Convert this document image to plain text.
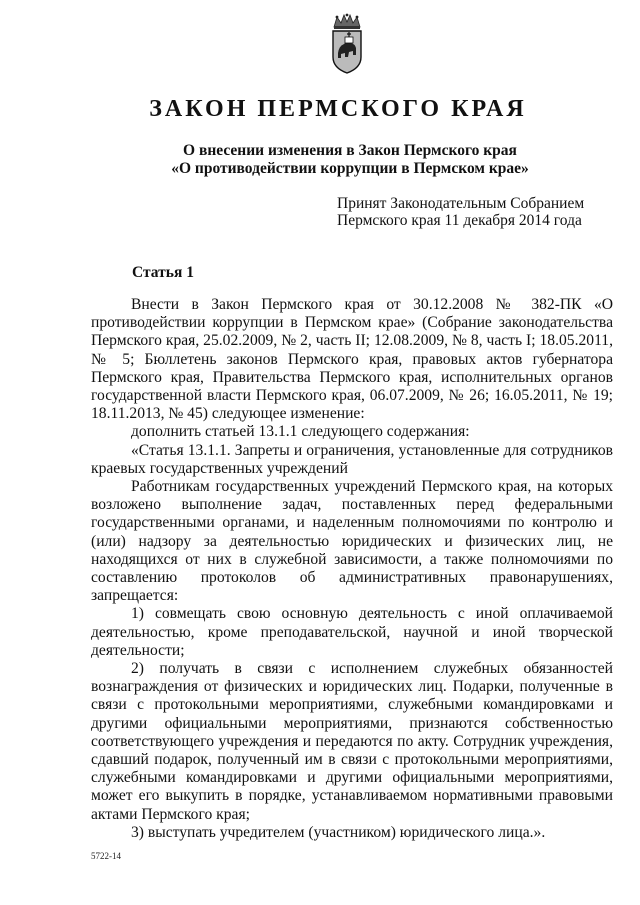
ЗАКОН ПЕРМСКОГО КРАЯ
О внесении изменения в Закон Пермского края
«О противодействии коррупции в Пермском крае»
Принят Законодательным Собранием
Пермского края 11 декабря 2014 года
Статья 1

Внести в Закон Пермского края от 30.12.2008 № 382-ПК «О противодействии коррупции в Пермском крае» (Собрание законодательства Пермского края, 25.02.2009, № 2, часть II; 12.08.2009, № 8, часть I; 18.05.2011, № 5; Бюллетень законов Пермского края, правовых актов губернатора Пермского края, Правительства Пермского края, исполнительных органов государственной власти Пермского края, 06.07.2009, № 26; 16.05.2011, № 19; 18.11.2013, № 45) следующее изменение:

дополнить статьей 13.1.1 следующего содержания:

«Статья 13.1.1. Запреты и ограничения, установленные для сотрудников краевых государственных учреждений

Работникам государственных учреждений Пермского края, на которых возложено выполнение задач, поставленных перед федеральными государственными органами, и наделенным полномочиями по контролю и (или) надзору за деятельностью юридических и физических лиц, не находящихся от них в служебной зависимости, а также полномочиями по составлению протоколов об административных правонарушениях, запрещается:

1) совмещать свою основную деятельность с иной оплачиваемой деятельностью, кроме преподавательской, научной и иной творческой деятельности;

2) получать в связи с исполнением служебных обязанностей вознаграждения от физических и юридических лиц. Подарки, полученные в связи с протокольными мероприятиями, служебными командировками и другими официальными мероприятиями, признаются собственностью соответствующего учреждения и передаются по акту. Сотрудник учреждения, сдавший подарок, полученный им в связи с протокольными мероприятиями, служебными командировками и другими официальными мероприятиями, может его выкупить в порядке, устанавливаемом нормативными правовыми актами Пермского края;

3) выступать учредителем (участником) юридического лица.».

5722-14
